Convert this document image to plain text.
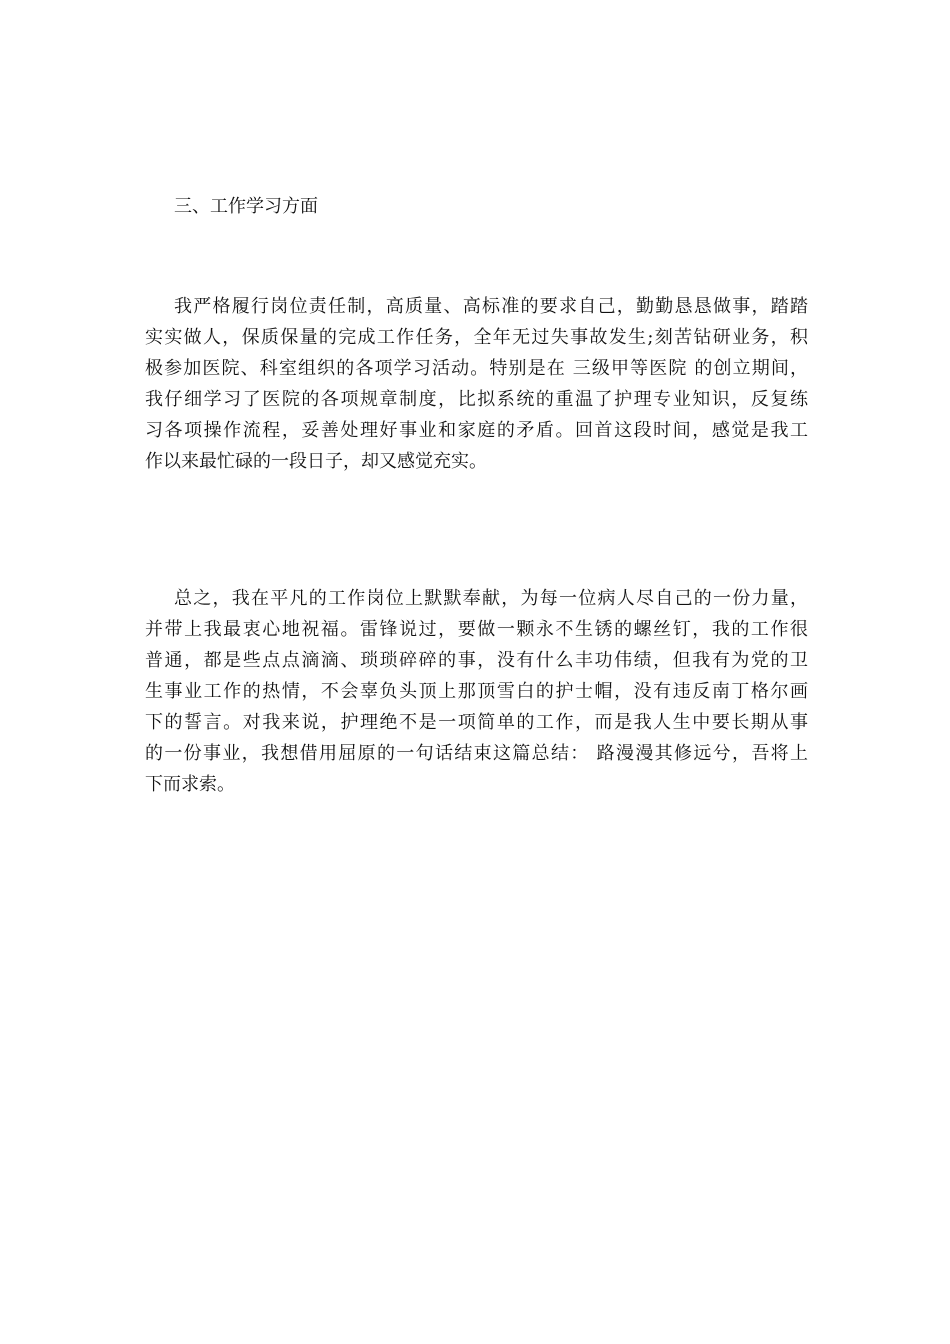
三、工作学习方面
我严格履行岗位责任制，高质量、高标准的要求自己，勤勤恳恳做事，踏踏
实实做人，保质保量的完成工作任务，全年无过失事故发生;刻苦钻研业务，积
极参加医院、科室组织的各项学习活动。特别是在 三级甲等医院 的创立期间，
我仔细学习了医院的各项规章制度，比拟系统的重温了护理专业知识，反复练
习各项操作流程，妥善处理好事业和家庭的矛盾。回首这段时间，感觉是我工
作以来最忙碌的一段日子，却又感觉充实。
总之，我在平凡的工作岗位上默默奉献，为每一位病人尽自己的一份力量，
并带上我最衷心地祝福。雷锋说过，要做一颗永不生锈的螺丝钉，我的工作很
普通，都是些点点滴滴、琐琐碎碎的事，没有什么丰功伟绩，但我有为党的卫
生事业工作的热情，不会辜负头顶上那顶雪白的护士帽，没有违反南丁格尔画
下的誓言。对我来说，护理绝不是一项简单的工作，而是我人生中要长期从事
的一份事业，我想借用屈原的一句话结束这篇总结： 路漫漫其修远兮，吾将上
下而求索。
